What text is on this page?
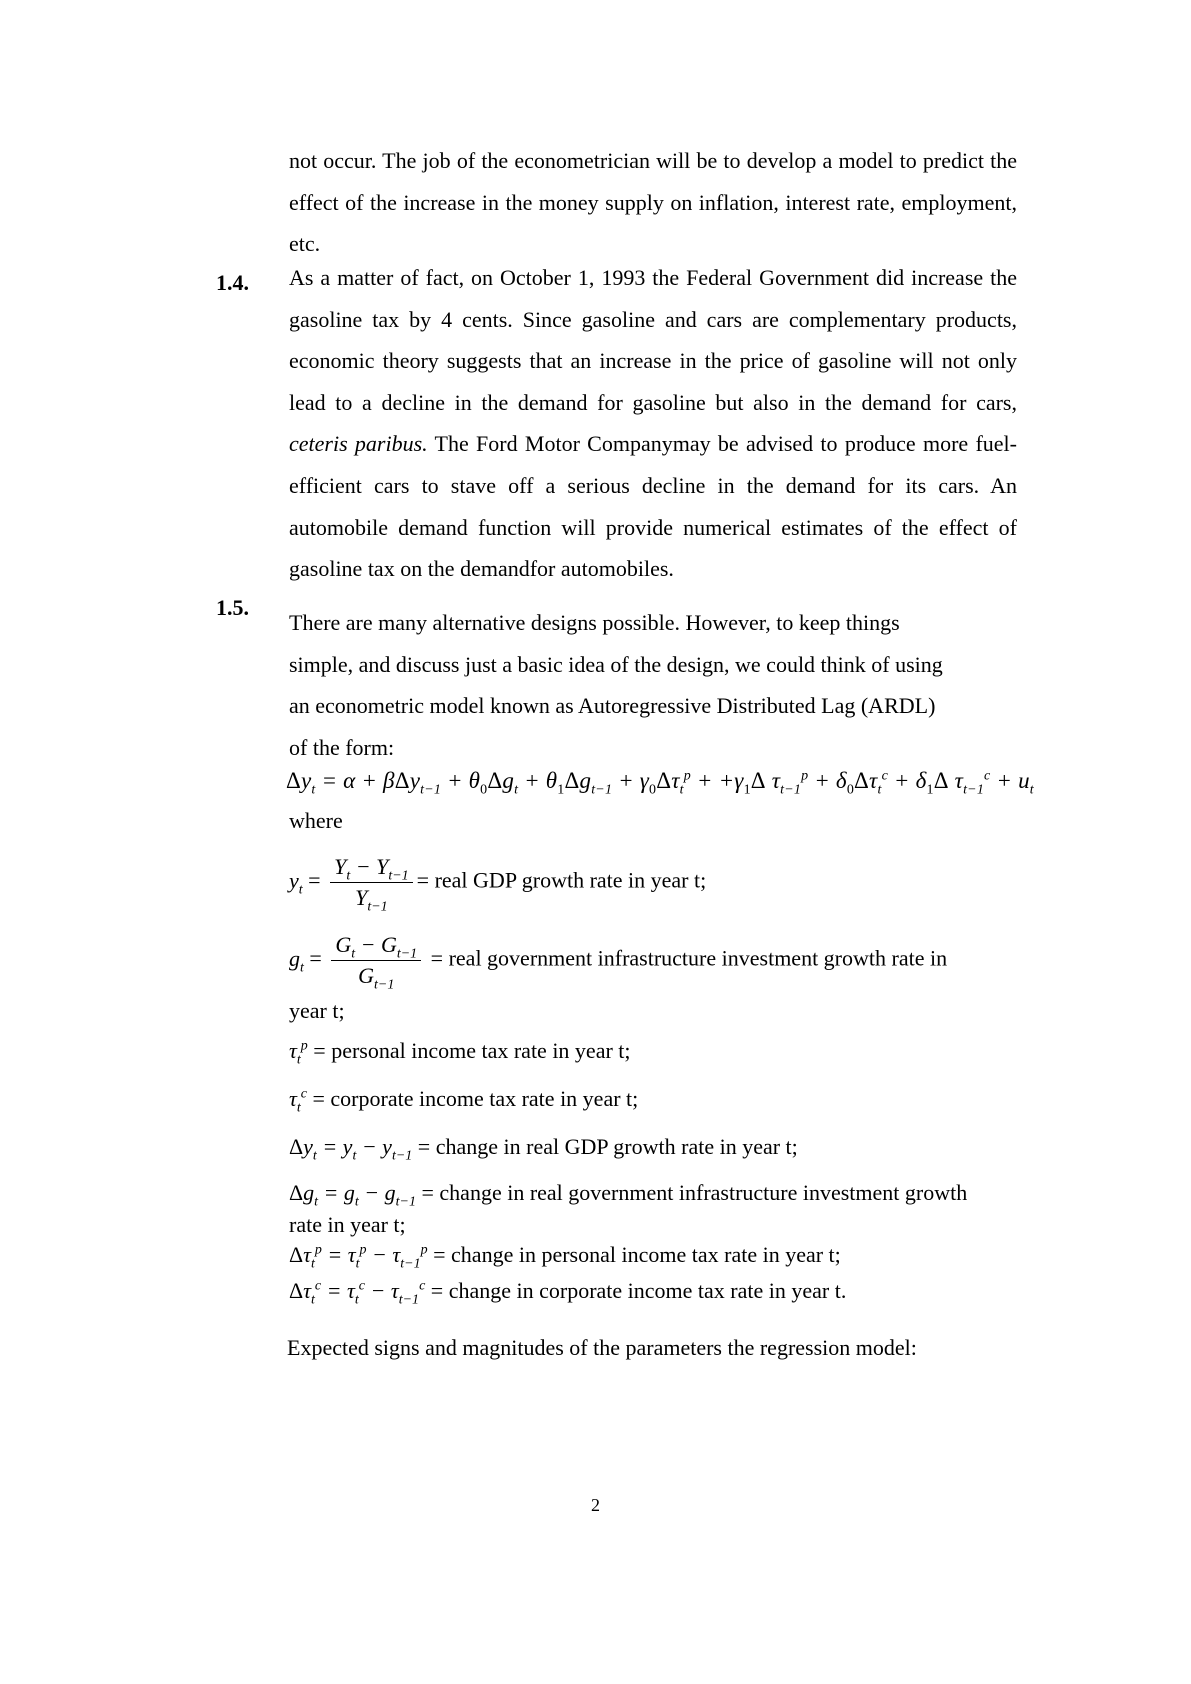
not occur. The job of the econometrician will be to develop a model to predict the effect of the increase in the money supply on inflation, interest rate, employment, etc.
1.4. As a matter of fact, on October 1, 1993 the Federal Government did increase the gasoline tax by 4 cents. Since gasoline and cars are complementary products, economic theory suggests that an increase in the price of gasoline will not only lead to a decline in the demand for gasoline but also in the demand for cars, ceteris paribus. The Ford Motor Companymay be advised to produce more fuel-efficient cars to stave off a serious decline in the demand for its cars. An automobile demand function will provide numerical estimates of the effect of gasoline tax on the demandfor automobiles.
1.5.
There are many alternative designs possible. However, to keep things simple, and discuss just a basic idea of the design, we could think of using an econometric model known as Autoregressive Distributed Lag (ARDL) of the form:
$\Delta y_t = \alpha + \beta\Delta y_{t-1} + \theta_0\Delta g_t + \theta_1\Delta g_{t-1} + \gamma_0\Delta\tau_t^p + +\gamma_1\Delta$ $\tau_{t-1}^p + \delta_0\Delta\tau_t^c + \delta_1\Delta$ $\tau_{t-1}^c + u_t$
where
$y_t = \frac{Y_t - Y_{t-1}}{Y_{t-1}}$ = real GDP growth rate in year t;
$g_t = \frac{G_t - G_{t-1}}{G_{t-1}}$ = real government infrastructure investment growth rate in
year t;
$\tau_t^p$ = personal income tax rate in year t;
$\tau_t^c$ = corporate income tax rate in year t;
$\Delta y_t = y_t - y_{t-1}$ = change in real GDP growth rate in year t;
$\Delta g_t = g_t - g_{t-1}$ = change in real government infrastructure investment growth
rate in year t;
$\Delta\tau_t^p = \tau_t^p - \tau_{t-1}^p$ = change in personal income tax rate in year t;
$\Delta\tau_t^c = \tau_t^c - \tau_{t-1}^c$ = change in corporate income tax rate in year t.
Expected signs and magnitudes of the parameters the regression model:
2
